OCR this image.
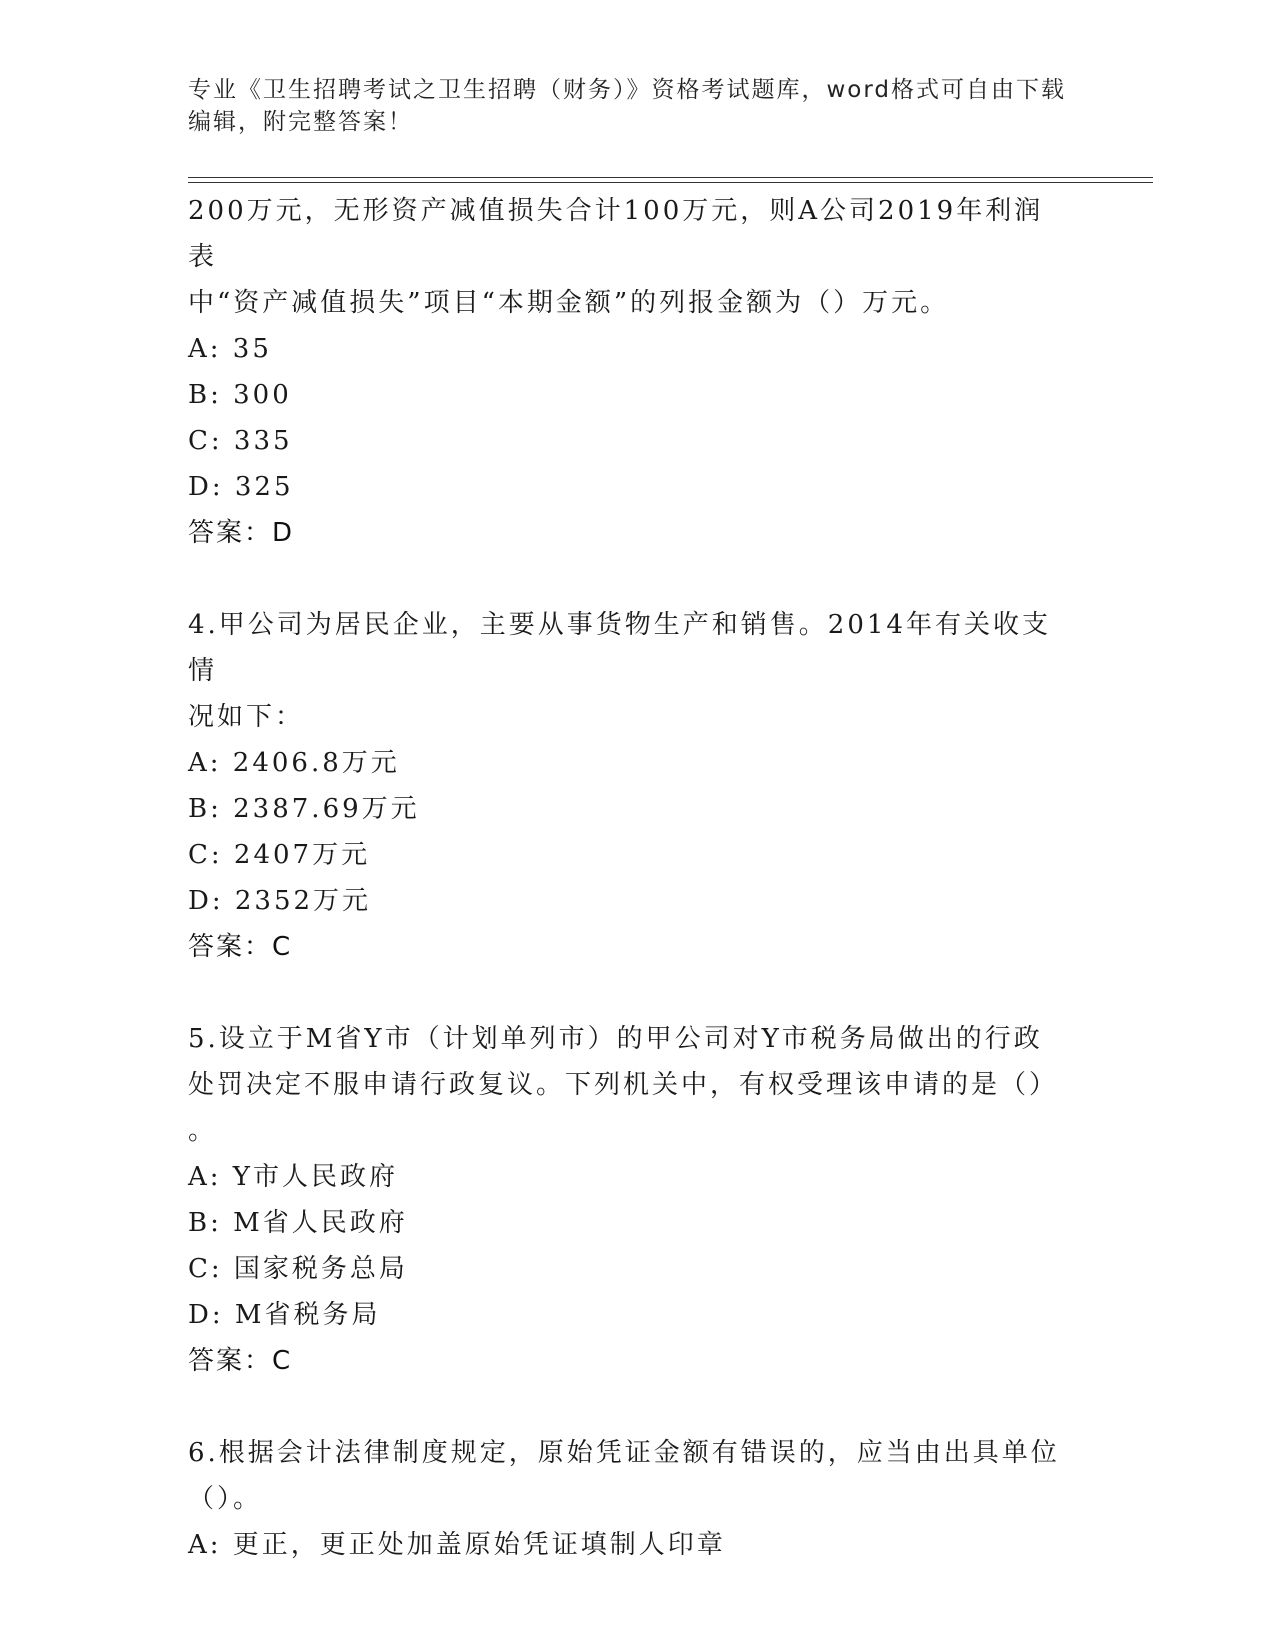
专业《卫生招聘考试之卫生招聘（财务）》资格考试题库，word格式可自由下载
编辑，附完整答案！
200万元，无形资产减值损失合计100万元，则A公司2019年利润表
中“资产减值损失”项目“本期金额”的列报金额为（）万元。
A: 35
B: 300
C: 335
D: 325
答案：D
4.甲公司为居民企业，主要从事货物生产和销售。2014年有关收支情
况如下：
A: 2406.8万元
B: 2387.69万元
C: 2407万元
D: 2352万元
答案：C
5.设立于M省Y市（计划单列市）的甲公司对Y市税务局做出的行政
处罚决定不服申请行政复议。下列机关中，有权受理该申请的是（）
。
A: Y市人民政府
B: M省人民政府
C: 国家税务总局
D: M省税务局
答案：C
6.根据会计法律制度规定，原始凭证金额有错误的，应当由出具单位
（）。
A: 更正，更正处加盖原始凭证填制人印章
